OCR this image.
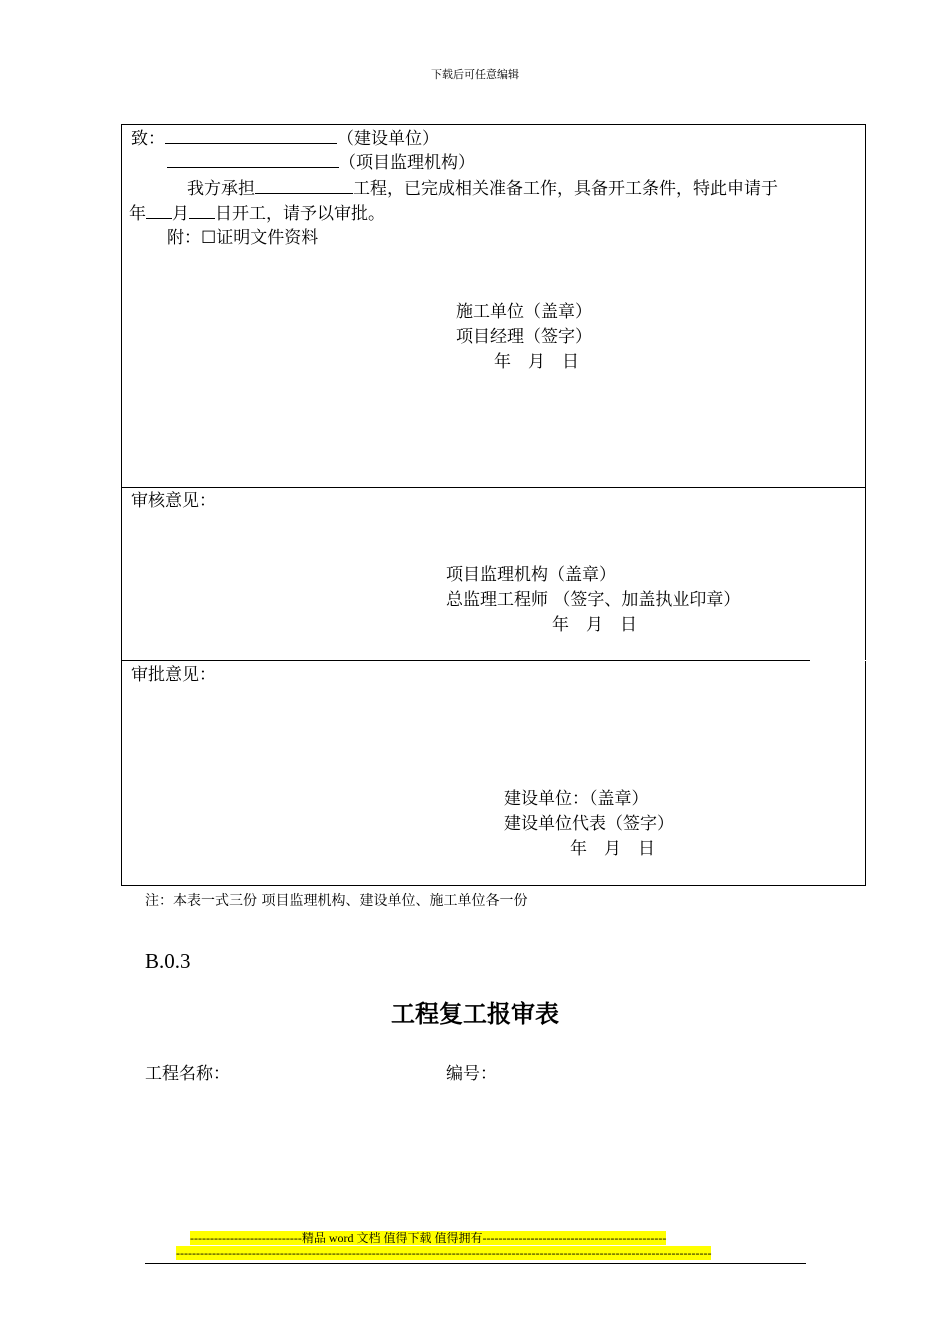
下载后可任意编辑
致：	（建设单位）
（项目监理机构）
我方承担	工程，已完成相关准备工作，具备开工条件，特此申请于
年 月 日开工，请予以审批。
附：☐证明文件资料
施工单位（盖章）
项目经理（签字）
年　月　日
审核意见：
项目监理机构（盖章）
总监理工程师 （签字、加盖执业印章）
年　月　日
审批意见：
建设单位：（盖章）
建设单位代表（签字）
年　月　日
注：本表一式三份 项目监理机构、建设单位、施工单位各一份
B.0.3
工程复工报审表
工程名称：	编号：
----------------------------精品 word 文档 值得下载 值得拥有----------------------------------------------
--------------------------------------------------------------------------------------------------------------------------------------
